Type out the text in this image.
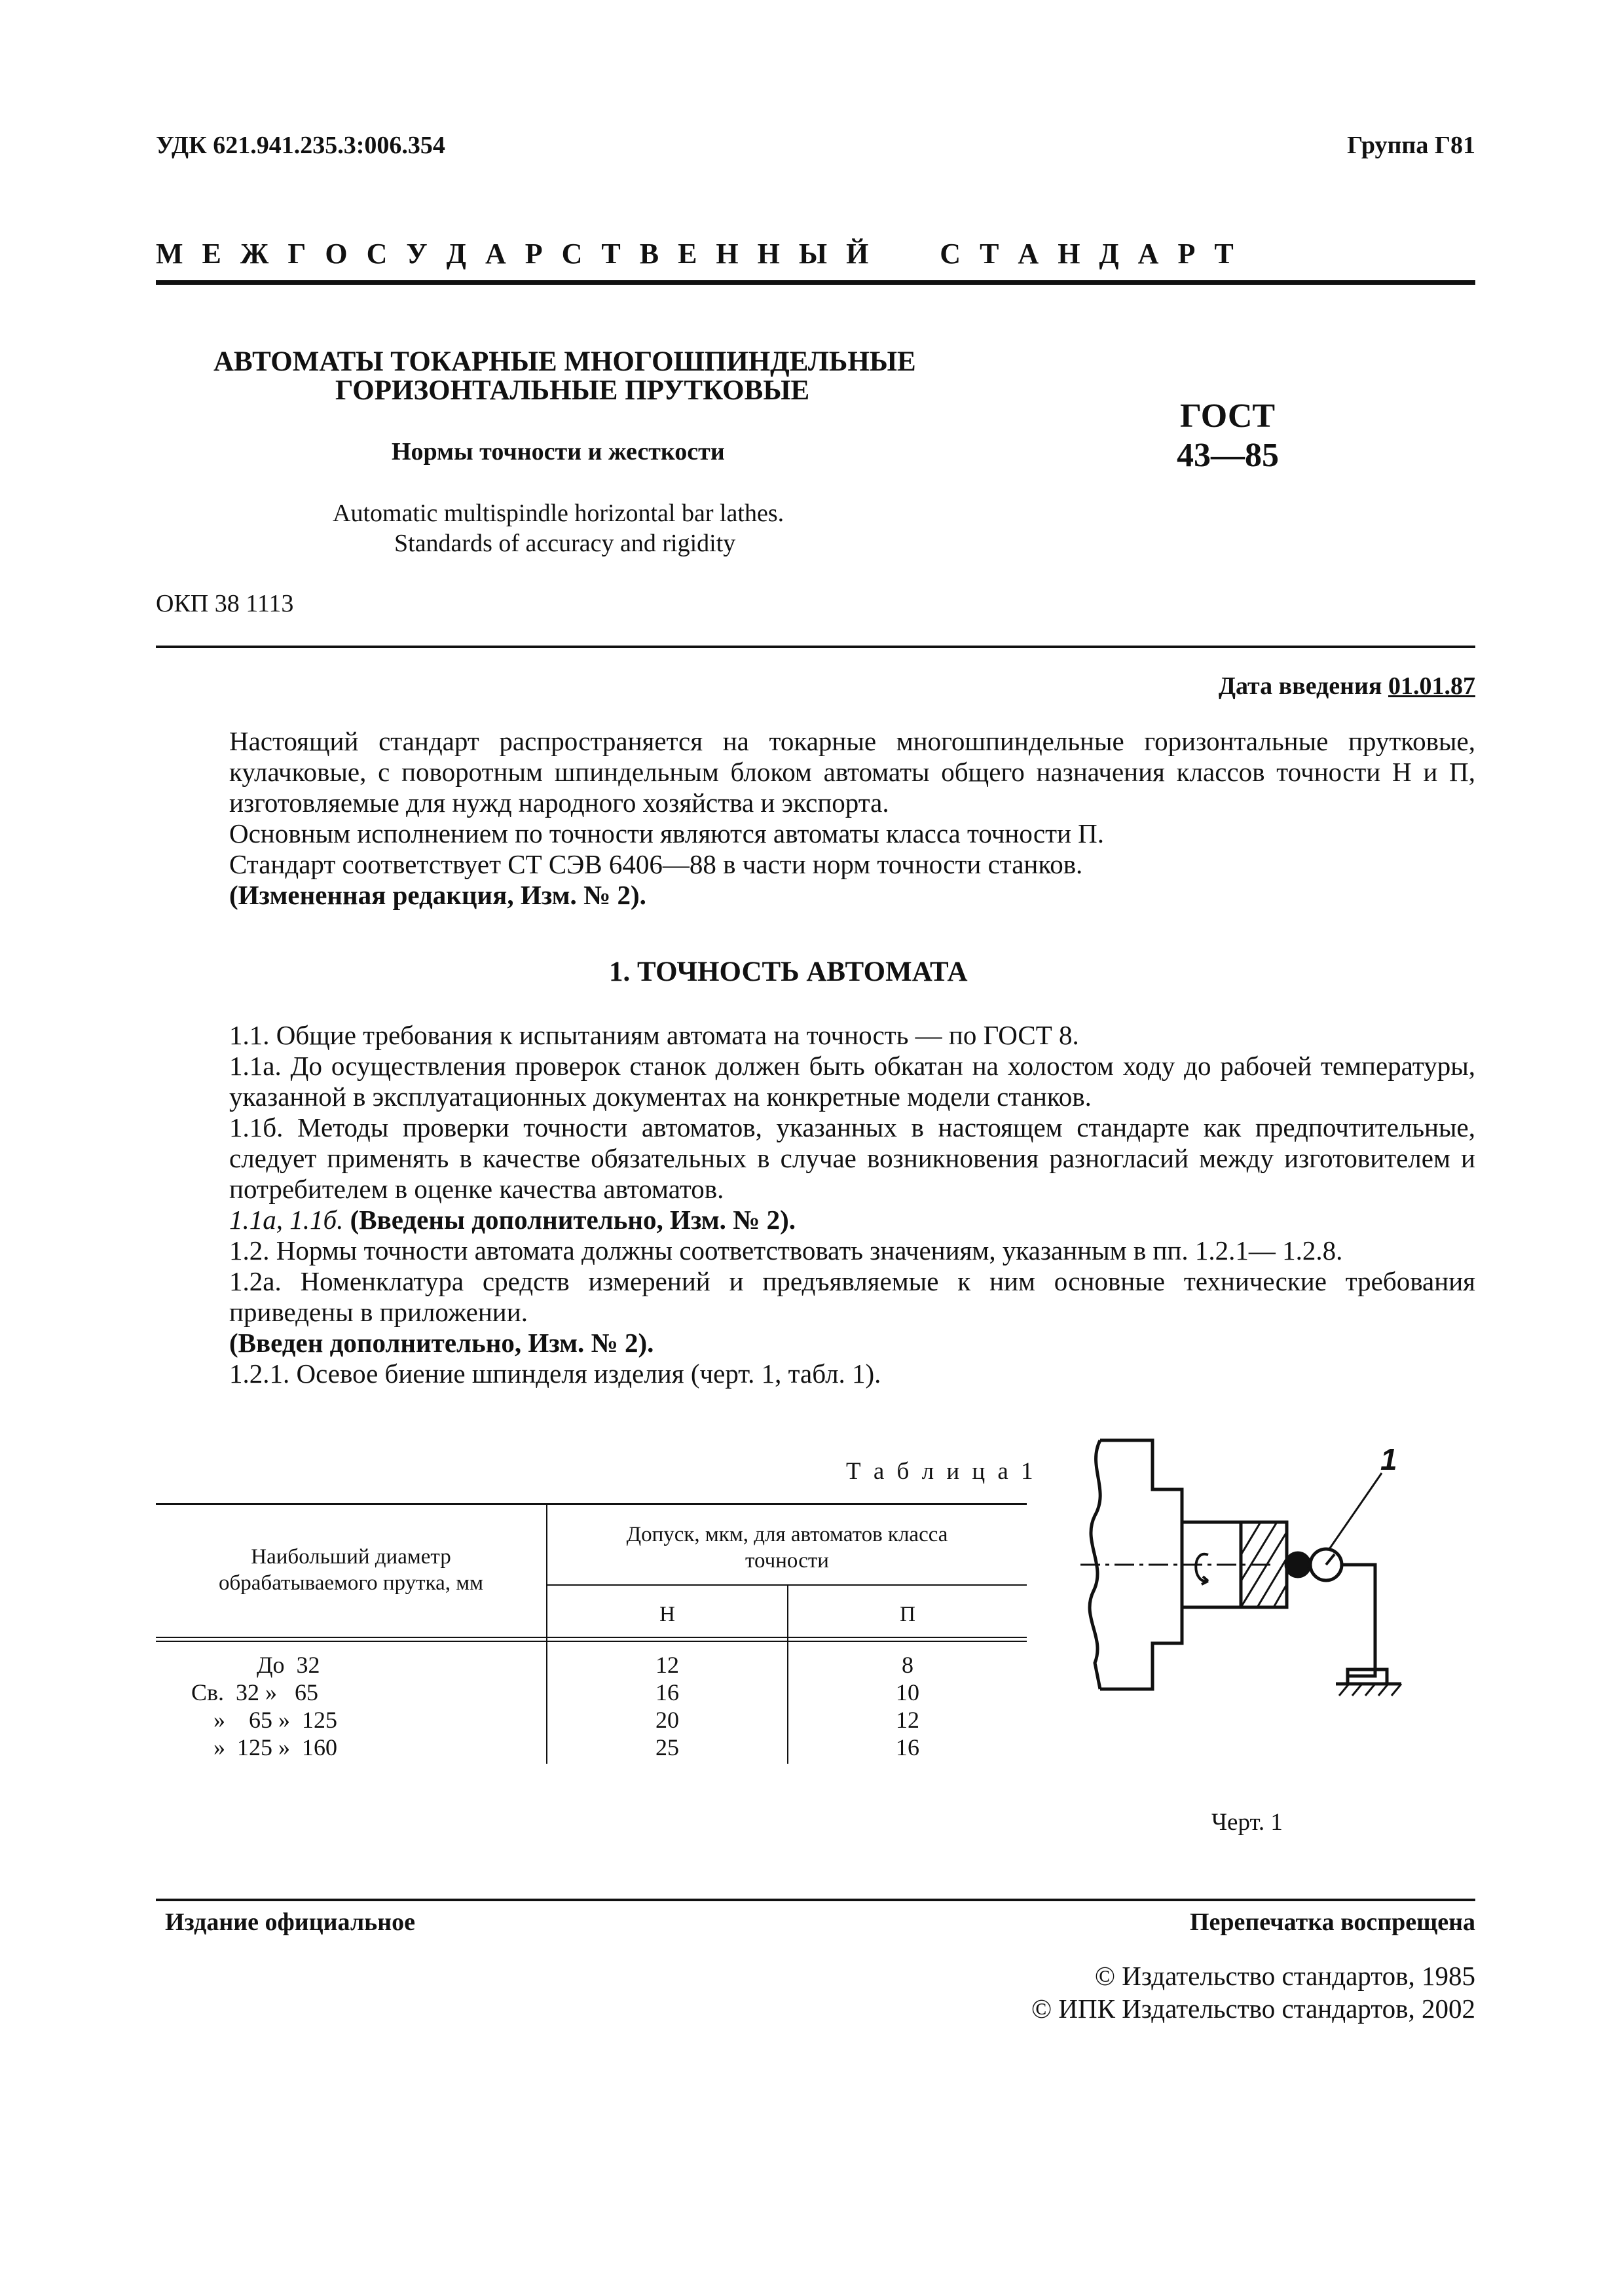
УДК 621.941.235.3:006.354	Группа Г81
М Е Ж Г О С У Д А Р С Т В Е Н Н Ы Й     С Т А Н Д А Р Т
АВТОМАТЫ ТОКАРНЫЕ МНОГОШПИНДЕЛЬНЫЕ
ГОРИЗОНТАЛЬНЫЕ ПРУТКОВЫЕ
Нормы точности и жесткости
Automatic multispindle horizontal bar lathes.
Standards of accuracy and rigidity
ГОСТ
43—85
ОКП 38 1113
Дата введения 01.01.87

Настоящий стандарт распространяется на токарные многошпиндельные горизонтальные прутковые, кулачковые, с поворотным шпиндельным блоком автоматы общего назначения классов точности Н и П, изготовляемые для нужд народного хозяйства и экспорта.

Основным исполнением по точности являются автоматы класса точности П.

Стандарт соответствует СТ СЭВ 6406—88 в части норм точности станков.

(Измененная редакция, Изм. № 2).

1. ТОЧНОСТЬ АВТОМАТА

1.1. Общие требования к испытаниям автомата на точность — по ГОСТ 8.

1.1а. До осуществления проверок станок должен быть обкатан на холостом ходу до рабочей температуры, указанной в эксплуатационных документах на конкретные модели станков.

1.1б. Методы проверки точности автоматов, указанных в настоящем стандарте как предпочтительные, следует применять в качестве обязательных в случае возникновения разногласий между изготовителем и потребителем в оценке качества автоматов.

1.1а, 1.1б. (Введены дополнительно, Изм. № 2).

1.2. Нормы точности автомата должны соответствовать значениям, указанным в пп. 1.2.1— 1.2.8.

1.2а. Номенклатура средств измерений и предъявляемые к ним основные технические требования приведены в приложении.

(Введен дополнительно, Изм. № 2).

1.2.1. Осевое биение шпинделя изделия (черт. 1, табл. 1).

Т а б л и ц а 1
Наибольший диаметр
обрабатываемого прутка, мм
Допуск, мкм, для автоматов класса
точности
Н	П
До  32	12	8
Св.  32 »   65	16	10
»    65 »  125	20	12
»  125 »  160	25	16
1
Черт. 1
Издание официальное	Перепечатка воспрещена
© Издательство стандартов, 1985
© ИПК Издательство стандартов, 2002
